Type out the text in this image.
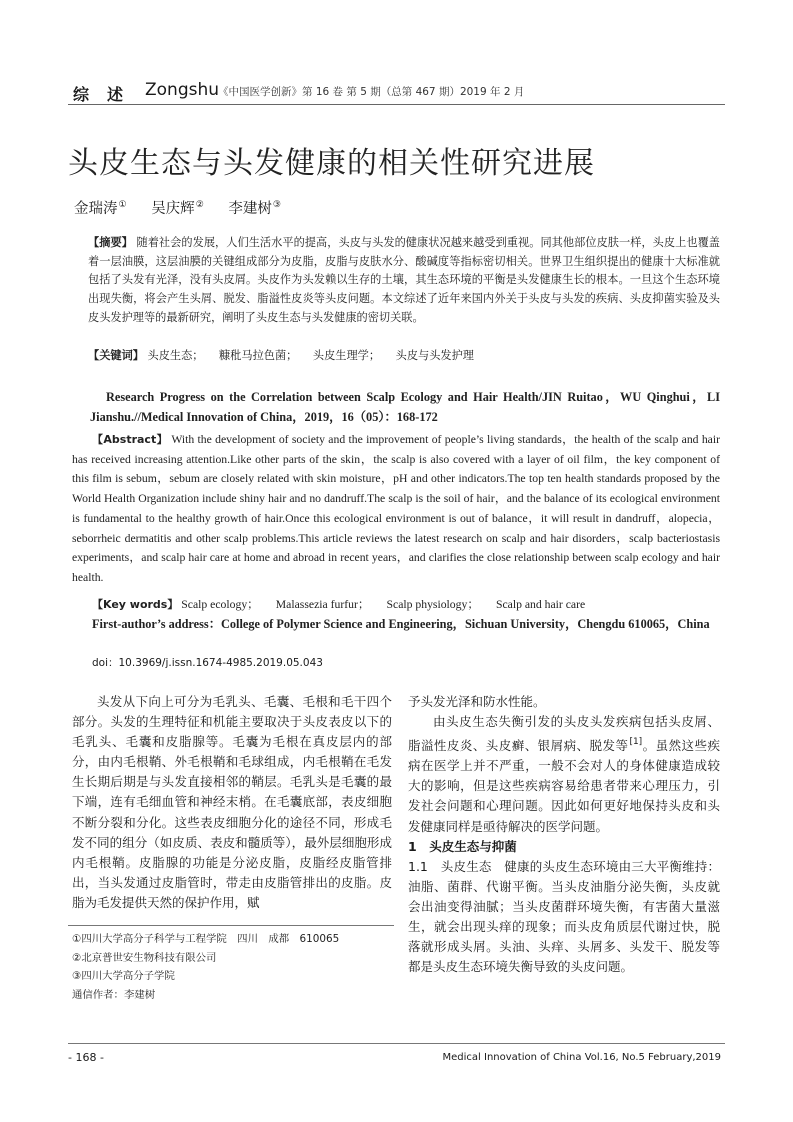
综述 Zongshu
《中国医学创新》第 16 卷 第 5 期（总第 467 期）2019 年 2 月
头皮生态与头发健康的相关性研究进展
金瑞涛① 吴庆辉② 李建树③
【摘要】 随着社会的发展，人们生活水平的提高，头皮与头发的健康状况越来越受到重视。同其他部位皮肤一样，头皮上也覆盖着一层油膜，这层油膜的关键组成部分为皮脂，皮脂与皮肤水分、酸碱度等指标密切相关。世界卫生组织提出的健康十大标准就包括了头发有光泽，没有头皮屑。头皮作为头发赖以生存的土壤，其生态环境的平衡是头发健康生长的根本。一旦这个生态环境出现失衡，将会产生头屑、脱发、脂溢性皮炎等头皮问题。本文综述了近年来国内外关于头皮与头发的疾病、头皮抑菌实验及头皮头发护理等的最新研究，阐明了头皮生态与头发健康的密切关联。
【关键词】 头皮生态； 糠秕马拉色菌； 头皮生理学； 头皮与头发护理
Research Progress on the Correlation between Scalp Ecology and Hair Health/JIN Ruitao，WU Qinghui，LI Jianshu.//Medical Innovation of China，2019，16（05）：168-172
【Abstract】 With the development of society and the improvement of people’s living standards，the health of the scalp and hair has received increasing attention.Like other parts of the skin，the scalp is also covered with a layer of oil film，the key component of this film is sebum，sebum are closely related with skin moisture，pH and other indicators.The top ten health standards proposed by the World Health Organization include shiny hair and no dandruff.The scalp is the soil of hair，and the balance of its ecological environment is fundamental to the healthy growth of hair.Once this ecological environment is out of balance，it will result in dandruff，alopecia，seborrheic dermatitis and other scalp problems.This article reviews the latest research on scalp and hair disorders，scalp bacteriostasis experiments，and scalp hair care at home and abroad in recent years，and clarifies the close relationship between scalp ecology and hair health.
【Key words】 Scalp ecology； Malassezia furfur； Scalp physiology； Scalp and hair care
First-author’s address：College of Polymer Science and Engineering，Sichuan University，Chengdu 610065，China
doi：10.3969/j.issn.1674-4985.2019.05.043

头发从下向上可分为毛乳头、毛囊、毛根和毛干四个部分。头发的生理特征和机能主要取决于头皮表皮以下的毛乳头、毛囊和皮脂腺等。毛囊为毛根在真皮层内的部分，由内毛根鞘、外毛根鞘和毛球组成，内毛根鞘在毛发生长期后期是与头发直接相邻的鞘层。毛乳头是毛囊的最下端，连有毛细血管和神经末梢。在毛囊底部，表皮细胞不断分裂和分化。这些表皮细胞分化的途径不同，形成毛发不同的组分（如皮质、表皮和髓质等），最外层细胞形成内毛根鞘。皮脂腺的功能是分泌皮脂，皮脂经皮脂管排出，当头发通过皮脂管时，带走由皮脂管排出的皮脂。皮脂为毛发提供天然的保护作用，赋

予头发光泽和防水性能。

由头皮生态失衡引发的头皮头发疾病包括头皮屑、脂溢性皮炎、头皮癣、银屑病、脱发等[1]。虽然这些疾病在医学上并不严重，一般不会对人的身体健康造成较大的影响，但是这些疾病容易给患者带来心理压力，引发社会问题和心理问题。因此如何更好地保持头皮和头发健康同样是亟待解决的医学问题。

1　头皮生态与抑菌

1.1　 头皮生态　 健康的头皮生态环境由三大平衡维持：油脂、菌群、代谢平衡。当头皮油脂分泌失衡，头皮就会出油变得油腻；当头皮菌群环境失衡，有害菌大量滋生，就会出现头痒的现象；而头皮角质层代谢过快，脱落就形成头屑。头油、头痒、头屑多、头发干、脱发等都是头皮生态环境失衡导致的头皮问题。

①四川大学高分子科学与工程学院　四川　成都　610065
②北京普世安生物科技有限公司
③四川大学高分子学院
通信作者：李建树
- 168 -	Medical Innovation of China Vol.16, No.5 February,2019
